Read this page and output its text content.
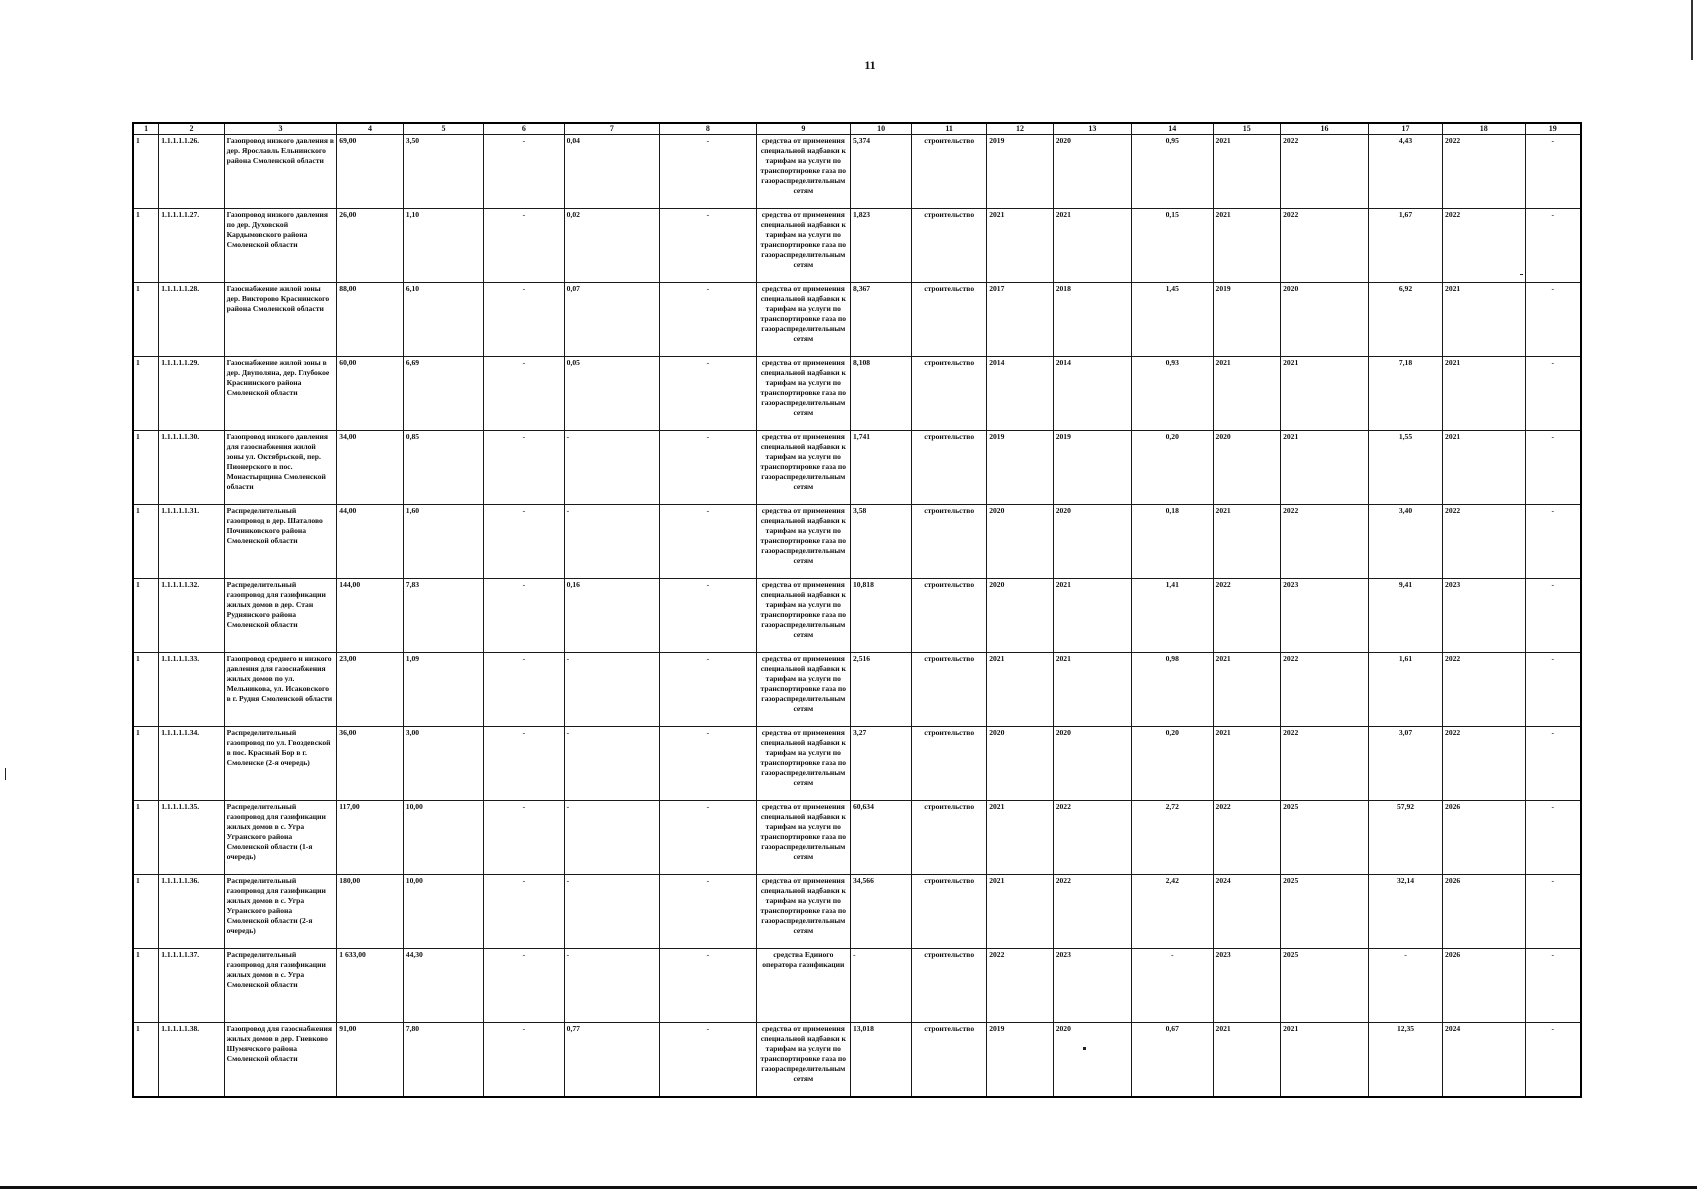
11
1	2	3	4	5	6	7	8	9	10	11	12	13	14	15	16	17	18	19
1	1.1.1.1.1.26.	Газопровод низкого давления в дер. Ярославль Ельнинского района Смоленской области	69,00	3,50	-	0,04	-	средства от применения специальной надбавки к тарифам на услуги по транспортировке газа по газораспределительным сетям	5,374	строительство	2019	2020	0,95	2021	2022	4,43	2022	-
1	1.1.1.1.1.27.	Газопровод низкого давления по дер. Духовской Кардымовского района Смоленской области	26,00	1,10	-	0,02	-	средства от применения специальной надбавки к тарифам на услуги по транспортировке газа по газораспределительным сетям	1,823	строительство	2021	2021	0,15	2021	2022	1,67	2022	-
1	1.1.1.1.1.28.	Газоснабжение жилой зоны дер. Викторово Краснинского района Смоленской области	88,00	6,10	-	0,07	-	средства от применения специальной надбавки к тарифам на услуги по транспортировке газа по газораспределительным сетям	8,367	строительство	2017	2018	1,45	2019	2020	6,92	2021	-
1	1.1.1.1.1.29.	Газоснабжение жилой зоны в дер. Двуполяна, дер. Глубокое Краснинского района Смоленской области	60,00	6,69	-	0,05	-	средства от применения специальной надбавки к тарифам на услуги по транспортировке газа по газораспределительным сетям	8,108	строительство	2014	2014	0,93	2021	2021	7,18	2021	-
1	1.1.1.1.1.30.	Газопровод низкого давления для газоснабжения жилой зоны ул. Октябрьской, пер. Пионерского в пос. Монастырщина Смоленской области	34,00	0,85	-	-	-	средства от применения специальной надбавки к тарифам на услуги по транспортировке газа по газораспределительным сетям	1,741	строительство	2019	2019	0,20	2020	2021	1,55	2021	-
1	1.1.1.1.1.31.	Распределительный газопровод в дер. Шаталово Починковского района Смоленской области	44,00	1,60	-	-	-	средства от применения специальной надбавки к тарифам на услуги по транспортировке газа по газораспределительным сетям	3,58	строительство	2020	2020	0,18	2021	2022	3,40	2022	-
1	1.1.1.1.1.32.	Распределительный газопровод для газификации жилых домов в дер. Стан Руднянского района Смоленской области	144,00	7,83	-	0,16	-	средства от применения специальной надбавки к тарифам на услуги по транспортировке газа по газораспределительным сетям	10,818	строительство	2020	2021	1,41	2022	2023	9,41	2023	-
1	1.1.1.1.1.33.	Газопровод среднего и низкого давления для газоснабжения жилых домов по ул. Мельникова, ул. Исаковского в г. Рудня Смоленской области	23,00	1,09	-	-	-	средства от применения специальной надбавки к тарифам на услуги по транспортировке газа по газораспределительным сетям	2,516	строительство	2021	2021	0,98	2021	2022	1,61	2022	-
1	1.1.1.1.1.34.	Распределительный газопровод по ул. Гвоздевской в пос. Красный Бор в г. Смоленске (2-я очередь)	36,00	3,00	-	-	-	средства от применения специальной надбавки к тарифам на услуги по транспортировке газа по газораспределительным сетям	3,27	строительство	2020	2020	0,20	2021	2022	3,07	2022	-
1	1.1.1.1.1.35.	Распределительный газопровод для газификации жилых домов в с. Угра Угранского района Смоленской области (1-я очередь)	117,00	10,00	-	-	-	средства от применения специальной надбавки к тарифам на услуги по транспортировке газа по газораспределительным сетям	60,634	строительство	2021	2022	2,72	2022	2025	57,92	2026	-
1	1.1.1.1.1.36.	Распределительный газопровод для газификации жилых домов в с. Угра Угранского района Смоленской области (2-я очередь)	180,00	10,00	-	-	-	средства от применения специальной надбавки к тарифам на услуги по транспортировке газа по газораспределительным сетям	34,566	строительство	2021	2022	2,42	2024	2025	32,14	2026	-
1	1.1.1.1.1.37.	Распределительный газопровод для газификации жилых домов в с. Угра Смоленской области	1 633,00	44,30	-	-	-	средства Единого оператора газификации	-	строительство	2022	2023	-	2023	2025	-	2026	-
1	1.1.1.1.1.38.	Газопровод для газоснабжения жилых домов в дер. Гневково Шумячского района Смоленской области	91,00	7,80	-	0,77	-	средства от применения специальной надбавки к тарифам на услуги по транспортировке газа по газораспределительным сетям	13,018	строительство	2019	2020	0,67	2021	2021	12,35	2024	-
